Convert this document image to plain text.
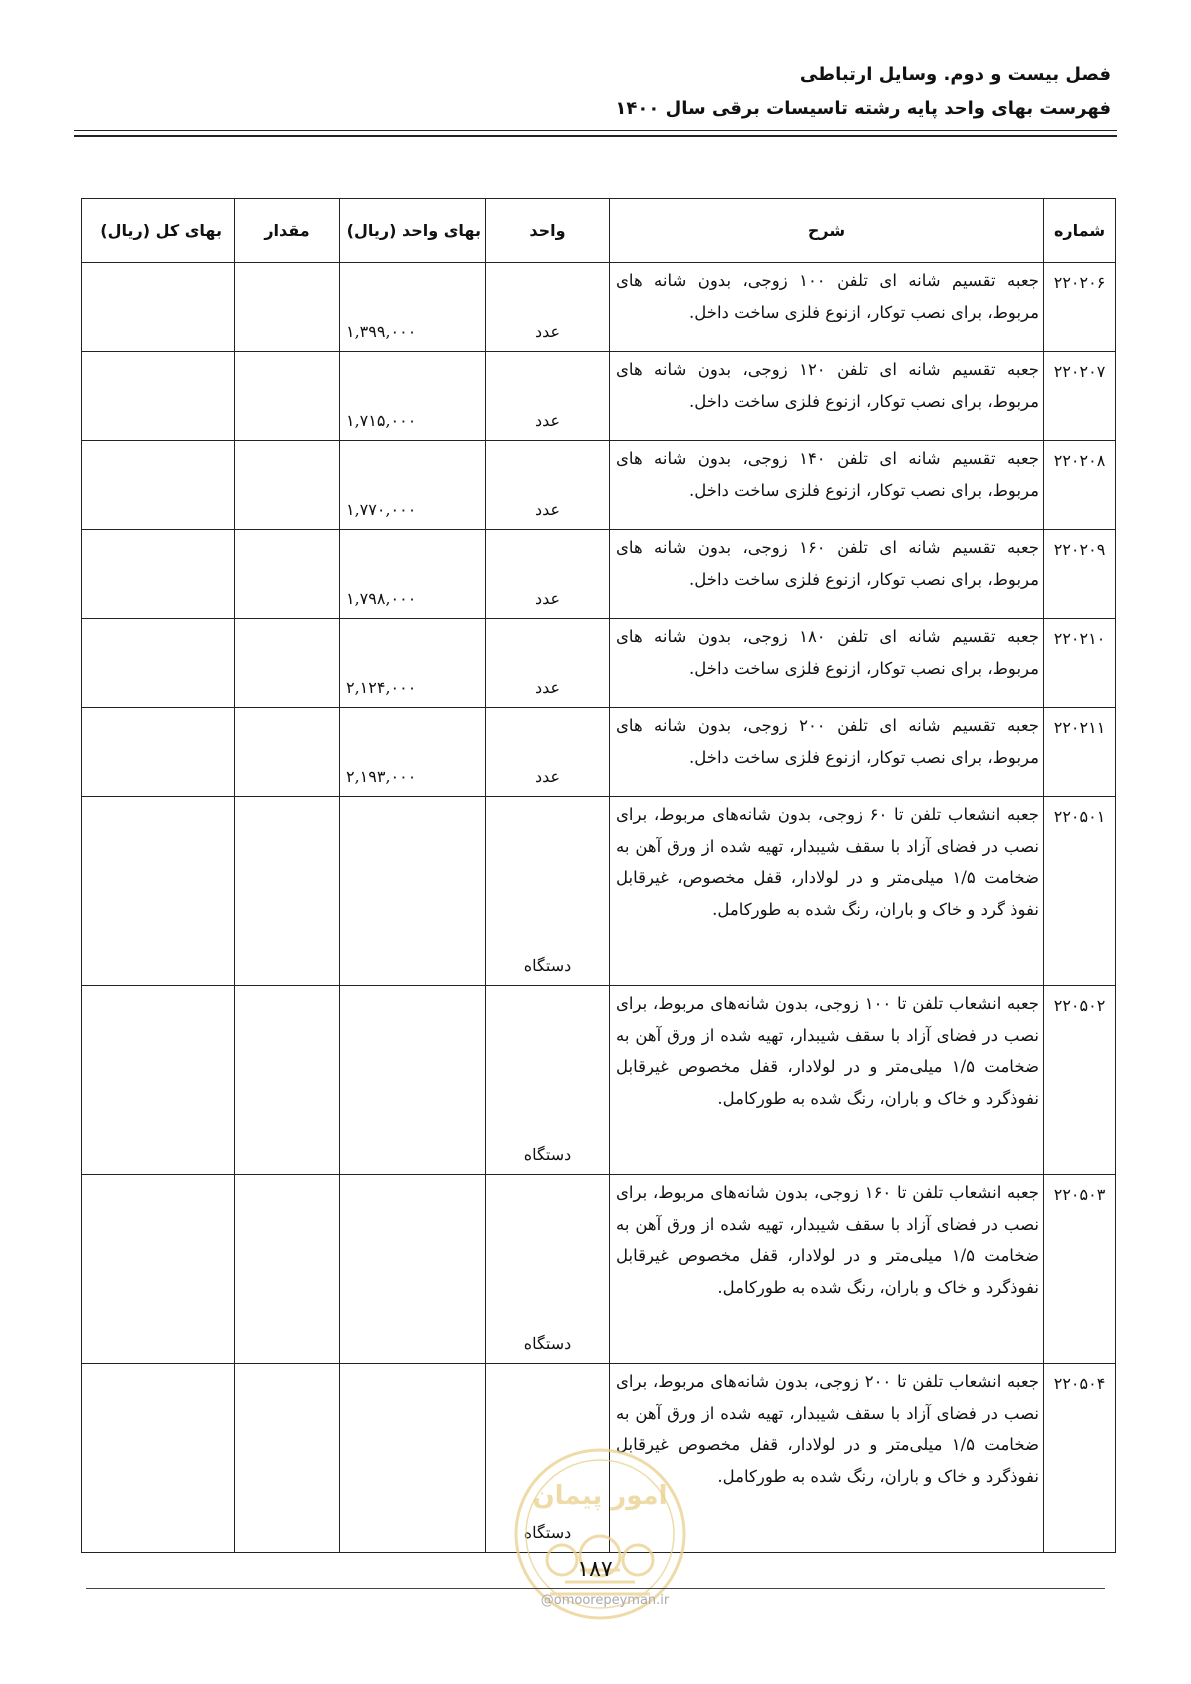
فصل بیست و دوم. وسایل ارتباطی
فهرست بهای واحد پایه رشته تاسیسات برقی سال ۱۴۰۰
شماره	شرح	واحد	بهای واحد (ریال)	مقدار	بهای کل (ریال)
۲۲۰۲۰۶	جعبه تقسیم شانه ای تلفن ۱۰۰ زوجی، بدون شانه های مربوط، برای نصب توکار، ازنوع فلزی ساخت داخل.	عدد	۱,۳۹۹,۰۰۰		
۲۲۰۲۰۷	جعبه تقسیم شانه ای تلفن ۱۲۰ زوجی، بدون شانه های مربوط، برای نصب توکار، ازنوع فلزی ساخت داخل.	عدد	۱,۷۱۵,۰۰۰		
۲۲۰۲۰۸	جعبه تقسیم شانه ای تلفن ۱۴۰ زوجی، بدون شانه های مربوط، برای نصب توکار، ازنوع فلزی ساخت داخل.	عدد	۱,۷۷۰,۰۰۰		
۲۲۰۲۰۹	جعبه تقسیم شانه ای تلفن ۱۶۰ زوجی، بدون شانه های مربوط، برای نصب توکار، ازنوع فلزی ساخت داخل.	عدد	۱,۷۹۸,۰۰۰		
۲۲۰۲۱۰	جعبه تقسیم شانه ای تلفن ۱۸۰ زوجی، بدون شانه های مربوط، برای نصب توکار، ازنوع فلزی ساخت داخل.	عدد	۲,۱۲۴,۰۰۰		
۲۲۰۲۱۱	جعبه تقسیم شانه ای تلفن ۲۰۰ زوجی، بدون شانه های مربوط، برای نصب توکار، ازنوع فلزی ساخت داخل.	عدد	۲,۱۹۳,۰۰۰		
۲۲۰۵۰۱	جعبه انشعاب تلفن تا ۶۰ زوجی، بدون شانه‌های مربوط، برای نصب در فضای آزاد با سقف شیبدار، تهیه شده از ورق آهن به ضخامت ۱/۵ میلی‌متر و در لولادار، قفل مخصوص، غیرقابل نفوذ گرد و خاک و باران، رنگ شده به طورکامل.	دستگاه			
۲۲۰۵۰۲	جعبه انشعاب تلفن تا ۱۰۰ زوجی، بدون شانه‌های مربوط، برای نصب در فضای آزاد با سقف شیبدار، تهیه شده از ورق آهن به ضخامت ۱/۵ میلی‌متر و در لولادار، قفل مخصوص غیرقابل نفوذگرد و خاک و باران، رنگ شده به طورکامل.	دستگاه			
۲۲۰۵۰۳	جعبه انشعاب تلفن تا ۱۶۰ زوجی، بدون شانه‌های مربوط، برای نصب در فضای آزاد با سقف شیبدار، تهیه شده از ورق آهن به ضخامت ۱/۵ میلی‌متر و در لولادار، قفل مخصوص غیرقابل نفوذگرد و خاک و باران، رنگ شده به طورکامل.	دستگاه			
۲۲۰۵۰۴	جعبه انشعاب تلفن تا ۲۰۰ زوجی، بدون شانه‌های مربوط، برای نصب در فضای آزاد با سقف شیبدار، تهیه شده از ورق آهن به ضخامت ۱/۵ میلی‌متر و در لولادار، قفل مخصوص غیرقابل نفوذگرد و خاک و باران، رنگ شده به طورکامل.	دستگاه			
امور پیمان
۱۸۷
@omoorepeyman.ir
